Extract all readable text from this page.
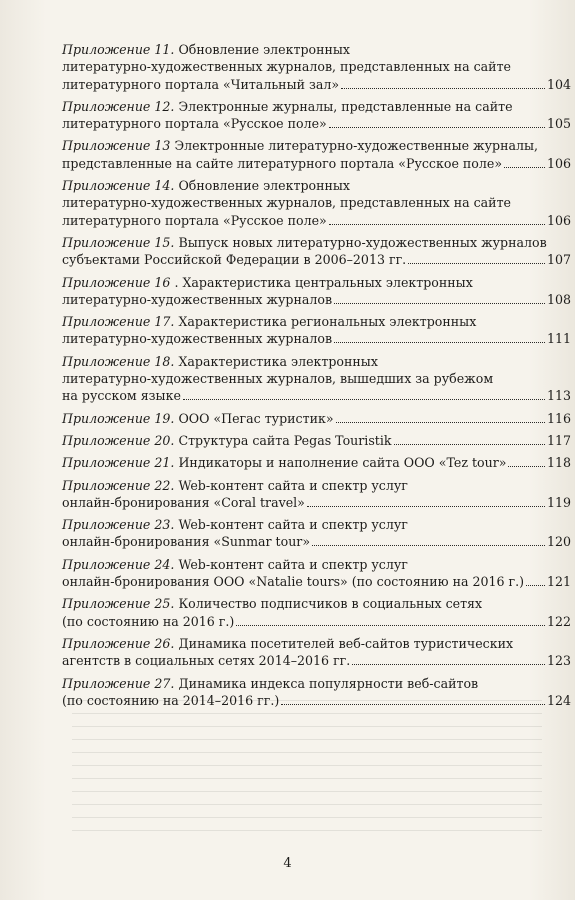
Приложение 11.
Обновление электронных
литературно-художественных журналов, представленных на сайте
литературного портала «Читальный зал»	104
Приложение 12.
Электронные журналы, представленные на сайте
литературного портала «Русское поле»	105
Приложение 13
Электронные литературно-художественные журналы,
представленные на сайте литературного портала «Русское поле»	106
Приложение 14.
Обновление электронных
литературно-художественных журналов, представленных на сайте
литературного портала «Русское поле»	106
Приложение 15.
Выпуск новых литературно-художественных журналов
субъектами Российской Федерации в 2006–2013 гг.	107
Приложение 16
. Характеристика центральных электронных
литературно-художественных журналов	108
Приложение 17.
Характеристика региональных электронных
литературно-художественных журналов	111
Приложение 18.
Характеристика электронных
литературно-художественных журналов, вышедших за рубежом
на русском языке	113
Приложение 19.
ООО «Пегас туристик»	116
Приложение 20.
Структура сайта Pegas Touristik	117
Приложение 21.
Индикаторы и наполнение сайта ООО «Tez tour»	118
Приложение 22.
Web-контент сайта и спектр услуг
онлайн-бронирования «Coral travel»	119
Приложение 23.
Web-контент сайта и спектр услуг
онлайн-бронирования «Sunmar tour»	120
Приложение 24.
Web-контент сайта и спектр услуг
онлайн-бронирования ООО «Natalie tours» (по состоянию на 2016 г.) 121
Приложение 25.
Количество подписчиков в социальных сетях
(по состоянию на 2016 г.)	122
Приложение 26.
Динамика посетителей веб-сайтов туристических
агентств в социальных сетях 2014–2016 гг.	123
Приложение 27.
Динамика индекса популярности веб-сайтов
(по состоянию на 2014–2016 гг.)	124
4
